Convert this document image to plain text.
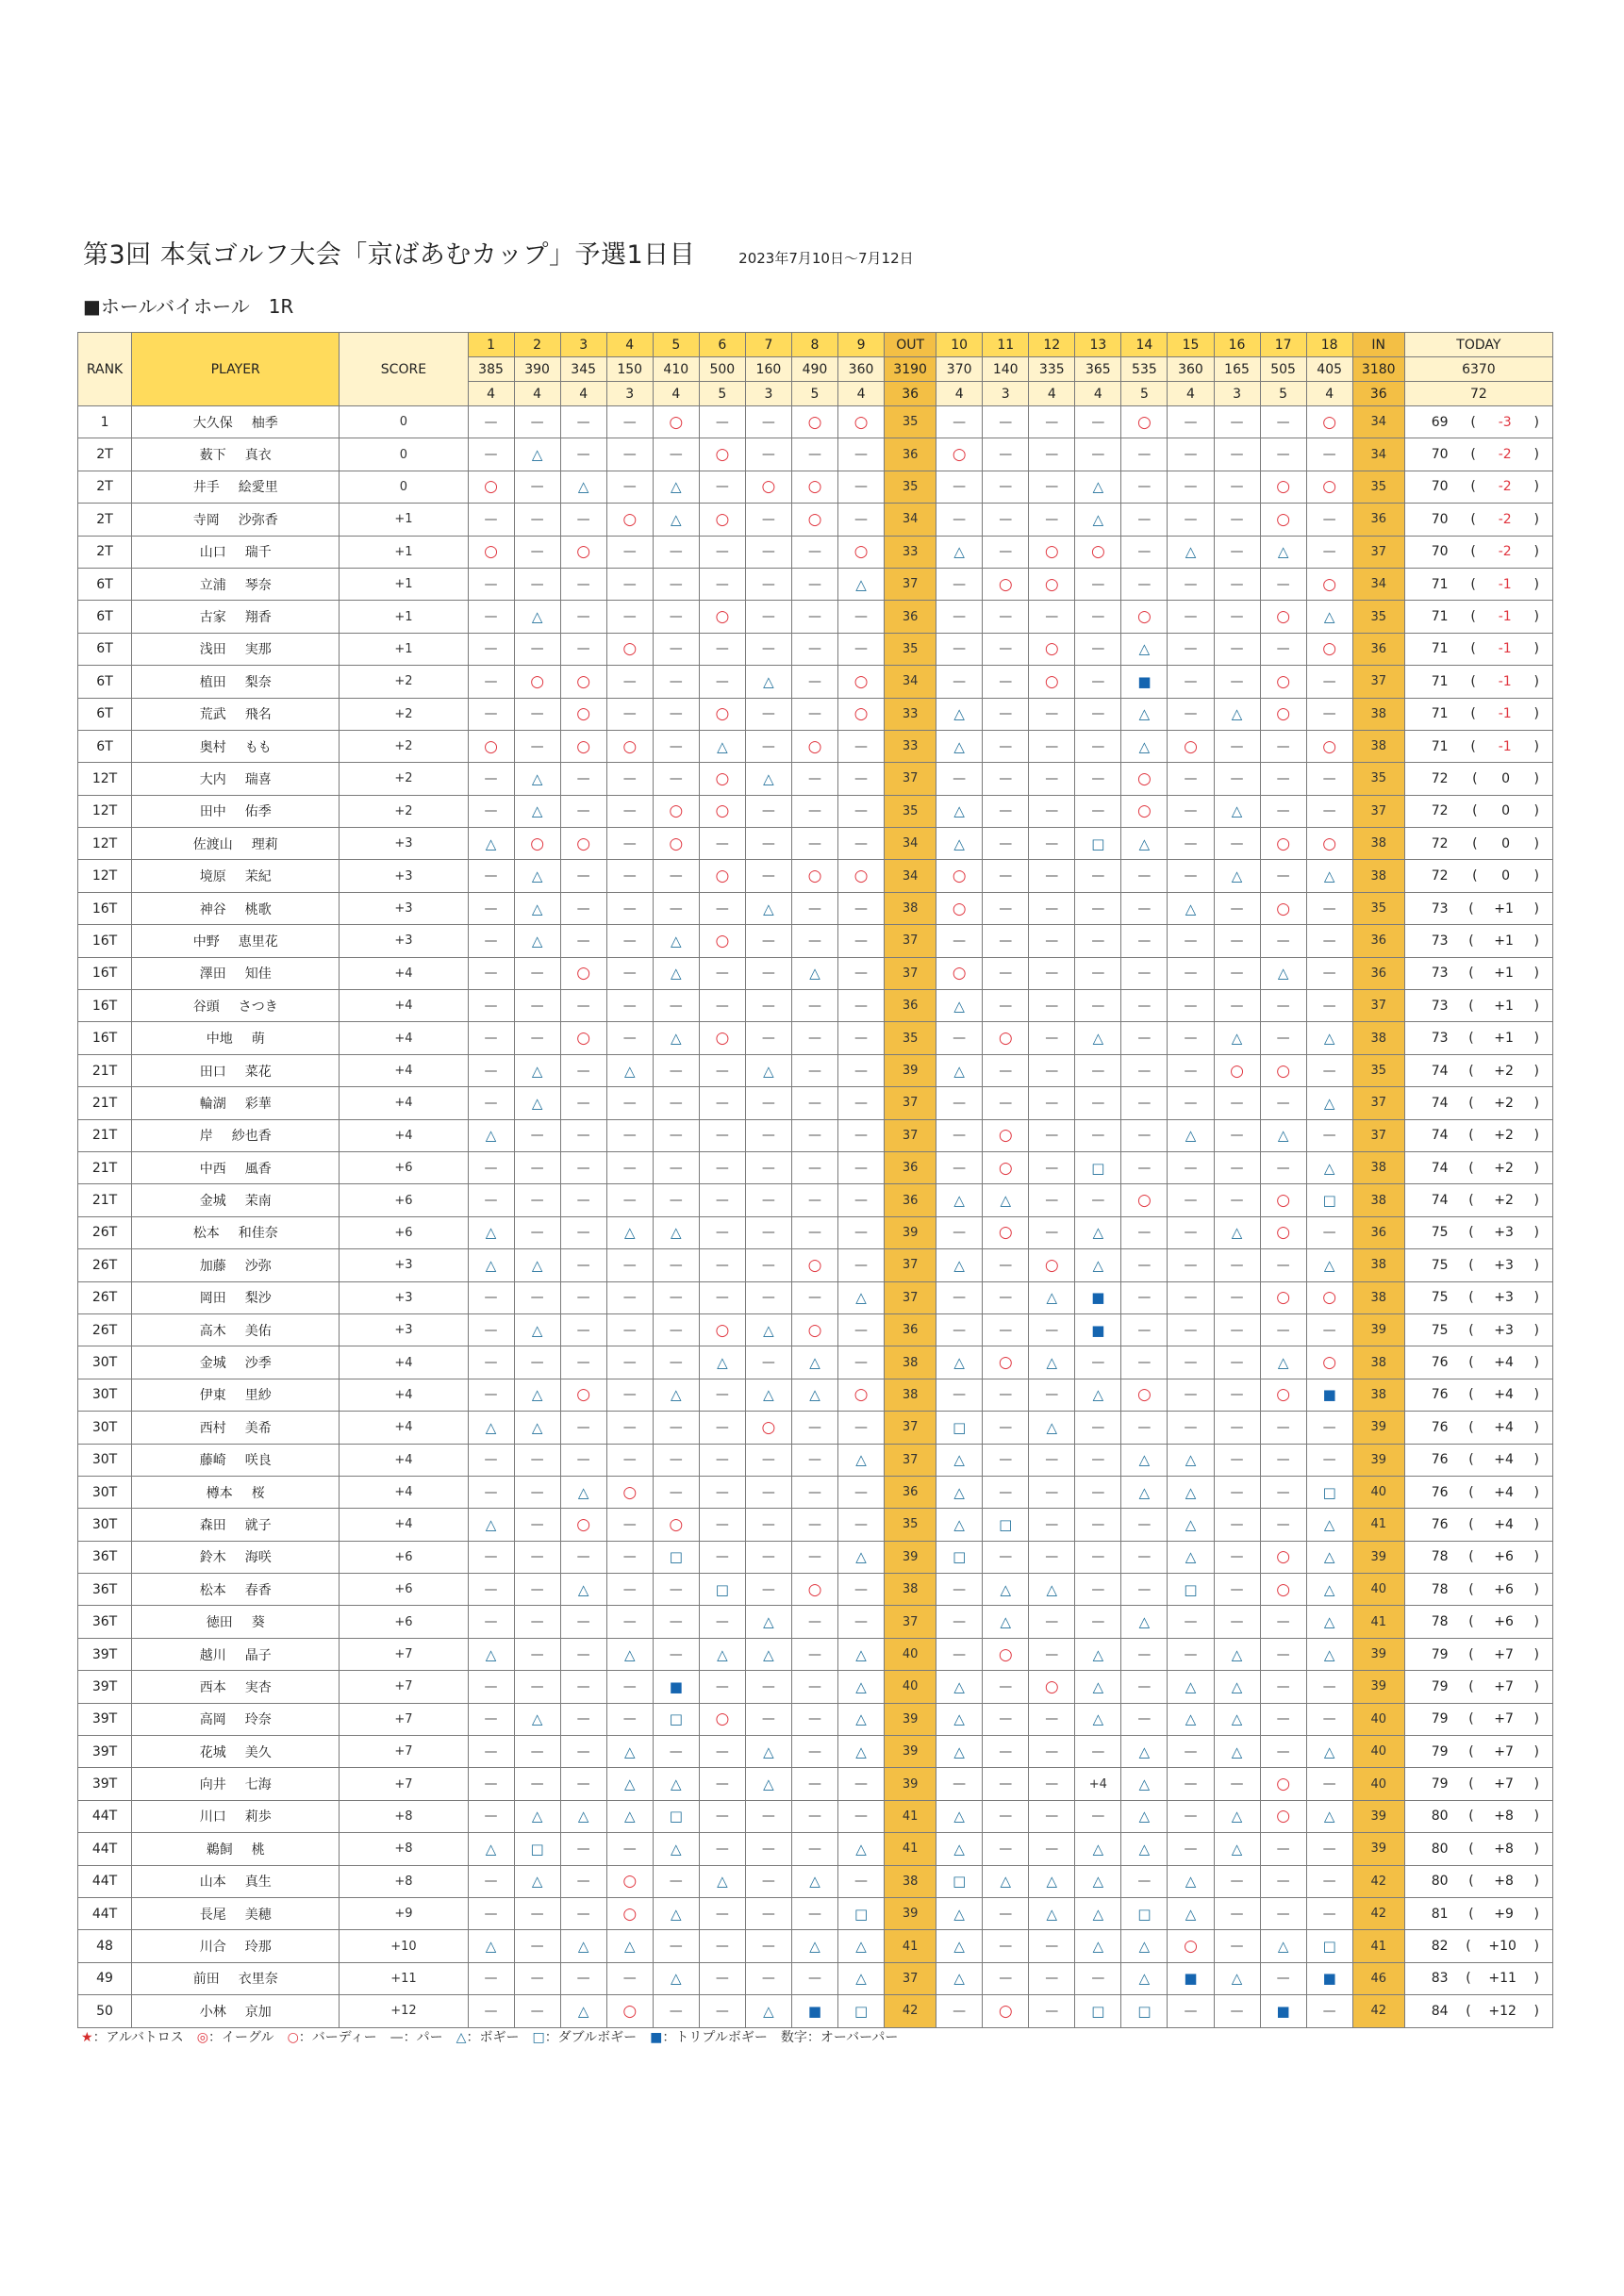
第3回 本気ゴルフ大会「京ばあむカップ」予選1日目	2023年7月10日〜7月12日
■ホールバイホール　1R
RANK	PLAYER	SCORE	1	2	3	4	5	6	7	8	9	OUT	10	11	12	13	14	15	16	17	18	IN	TODAY
			385	390	345	150	410	500	160	490	360	3190	370	140	335	365	535	360	165	505	405	3180	6370
			4	4	4	3	4	5	3	5	4	36	4	3	4	4	5	4	3	5	4	36	72
1	大久保 柚季	0	—	—	—	—	○	—	—	○	○	35	—	—	—	—	○	—	—	—	○	34	69 ( -3 )

2T	薮下 真衣	0	—	△	—	—	—	○	—	—	—	36	○	—	—	—	—	—	—	—	—	34	70 ( -2 )

2T	井手 絵愛里	0	○	—	△	—	△	—	○	○	—	35	—	—	—	△	—	—	—	○	○	35	70 ( -2 )

2T	寺岡 沙弥香	+1	—	—	—	○	△	○	—	○	—	34	—	—	—	△	—	—	—	○	—	36	70 ( -2 )

2T	山口 瑞千	+1	○	—	○	—	—	—	—	—	○	33	△	—	○	○	—	△	—	△	—	37	70 ( -2 )

6T	立浦 琴奈	+1	—	—	—	—	—	—	—	—	△	37	—	○	○	—	—	—	—	—	○	34	71 ( -1 )

6T	古家 翔香	+1	—	△	—	—	—	○	—	—	—	36	—	—	—	—	○	—	—	○	△	35	71 ( -1 )

6T	浅田 実那	+1	—	—	—	○	—	—	—	—	—	35	—	—	○	—	△	—	—	—	○	36	71 ( -1 )

6T	植田 梨奈	+2	—	○	○	—	—	—	△	—	○	34	—	—	○	—	■	—	—	○	—	37	71 ( -1 )

6T	荒武 飛名	+2	—	—	○	—	—	○	—	—	○	33	△	—	—	—	△	—	△	○	—	38	71 ( -1 )

6T	奥村 もも	+2	○	—	○	○	—	△	—	○	—	33	△	—	—	—	△	○	—	—	○	38	71 ( -1 )

12T	大内 瑞喜	+2	—	△	—	—	—	○	△	—	—	37	—	—	—	—	○	—	—	—	—	35	72 ( 0 )

12T	田中 佑季	+2	—	△	—	—	○	○	—	—	—	35	△	—	—	—	○	—	△	—	—	37	72 ( 0 )

12T	佐渡山 理莉	+3	△	○	○	—	○	—	—	—	—	34	△	—	—	□	△	—	—	○	○	38	72 ( 0 )

12T	境原 茉紀	+3	—	△	—	—	—	○	—	○	○	34	○	—	—	—	—	—	△	—	△	38	72 ( 0 )

16T	神谷 桃歌	+3	—	△	—	—	—	—	△	—	—	38	○	—	—	—	—	△	—	○	—	35	73 ( +1 )

16T	中野 恵里花	+3	—	△	—	—	△	○	—	—	—	37	—	—	—	—	—	—	—	—	—	36	73 ( +1 )

16T	澤田 知佳	+4	—	—	○	—	△	—	—	△	—	37	○	—	—	—	—	—	—	△	—	36	73 ( +1 )

16T	谷頭 さつき	+4	—	—	—	—	—	—	—	—	—	36	△	—	—	—	—	—	—	—	—	37	73 ( +1 )

16T	中地 萌	+4	—	—	○	—	△	○	—	—	—	35	—	○	—	△	—	—	△	—	△	38	73 ( +1 )

21T	田口 菜花	+4	—	△	—	△	—	—	△	—	—	39	△	—	—	—	—	—	○	○	—	35	74 ( +2 )

21T	輪湖 彩華	+4	—	△	—	—	—	—	—	—	—	37	—	—	—	—	—	—	—	—	△	37	74 ( +2 )

21T	岸 紗也香	+4	△	—	—	—	—	—	—	—	—	37	—	○	—	—	—	△	—	△	—	37	74 ( +2 )

21T	中西 風香	+6	—	—	—	—	—	—	—	—	—	36	—	○	—	□	—	—	—	—	△	38	74 ( +2 )

21T	金城 茉南	+6	—	—	—	—	—	—	—	—	—	36	△	△	—	—	○	—	—	○	□	38	74 ( +2 )

26T	松本 和佳奈	+6	△	—	—	△	△	—	—	—	—	39	—	○	—	△	—	—	△	○	—	36	75 ( +3 )

26T	加藤 沙弥	+3	△	△	—	—	—	—	—	○	—	37	△	—	○	△	—	—	—	—	△	38	75 ( +3 )

26T	岡田 梨沙	+3	—	—	—	—	—	—	—	—	△	37	—	—	△	■	—	—	—	○	○	38	75 ( +3 )

26T	高木 美佑	+3	—	△	—	—	—	○	△	○	—	36	—	—	—	■	—	—	—	—	—	39	75 ( +3 )

30T	金城 沙季	+4	—	—	—	—	—	△	—	△	—	38	△	○	△	—	—	—	—	△	○	38	76 ( +4 )

30T	伊東 里紗	+4	—	△	○	—	△	—	△	△	○	38	—	—	—	△	○	—	—	○	■	38	76 ( +4 )

30T	西村 美希	+4	△	△	—	—	—	—	○	—	—	37	□	—	△	—	—	—	—	—	—	39	76 ( +4 )

30T	藤崎 咲良	+4	—	—	—	—	—	—	—	—	△	37	△	—	—	—	△	△	—	—	—	39	76 ( +4 )

30T	樽本 桜	+4	—	—	△	○	—	—	—	—	—	36	△	—	—	—	△	△	—	—	□	40	76 ( +4 )

30T	森田 就子	+4	△	—	○	—	○	—	—	—	—	35	△	□	—	—	—	△	—	—	△	41	76 ( +4 )

36T	鈴木 海咲	+6	—	—	—	—	□	—	—	—	△	39	□	—	—	—	—	△	—	○	△	39	78 ( +6 )

36T	松本 春香	+6	—	—	△	—	—	□	—	○	—	38	—	△	△	—	—	□	—	○	△	40	78 ( +6 )

36T	徳田 葵	+6	—	—	—	—	—	—	△	—	—	37	—	△	—	—	△	—	—	—	△	41	78 ( +6 )

39T	越川 晶子	+7	△	—	—	△	—	△	△	—	△	40	—	○	—	△	—	—	△	—	△	39	79 ( +7 )

39T	西本 実杏	+7	—	—	—	—	■	—	—	—	△	40	△	—	○	△	—	△	△	—	—	39	79 ( +7 )

39T	高岡 玲奈	+7	—	△	—	—	□	○	—	—	△	39	△	—	—	△	—	△	△	—	—	40	79 ( +7 )

39T	花城 美久	+7	—	—	—	△	—	—	△	—	△	39	△	—	—	—	△	—	△	—	△	40	79 ( +7 )

39T	向井 七海	+7	—	—	—	△	△	—	△	—	—	39	—	—	—	+4	△	—	—	○	—	40	79 ( +7 )

44T	川口 莉歩	+8	—	△	△	△	□	—	—	—	—	41	△	—	—	—	△	—	△	○	△	39	80 ( +8 )

44T	鵜飼 桃	+8	△	□	—	—	△	—	—	—	△	41	△	—	—	△	△	—	△	—	—	39	80 ( +8 )

44T	山本 真生	+8	—	△	—	○	—	△	—	△	—	38	□	△	△	△	—	△	—	—	—	42	80 ( +8 )

44T	長尾 美穂	+9	—	—	—	○	△	—	—	—	□	39	△	—	△	△	□	△	—	—	—	42	81 ( +9 )

48	川合 玲那	+10	△	—	△	△	—	—	—	△	△	41	△	—	—	△	△	○	—	△	□	41	82 ( +10 )

49	前田 衣里奈	+11	—	—	—	—	△	—	—	—	△	37	△	—	—	—	△	■	△	—	■	46	83 ( +11 )

50	小林 京加	+12	—	—	△	○	—	—	△	■	□	42	—	○	—	□	□	—	—	■	—	42	84 ( +12 )
★：アルバトロス ◎：イーグル ○：バーディー —：パー △：ボギー □：ダブルボギー ■：トリプルボギー 数字：オーバーパー
